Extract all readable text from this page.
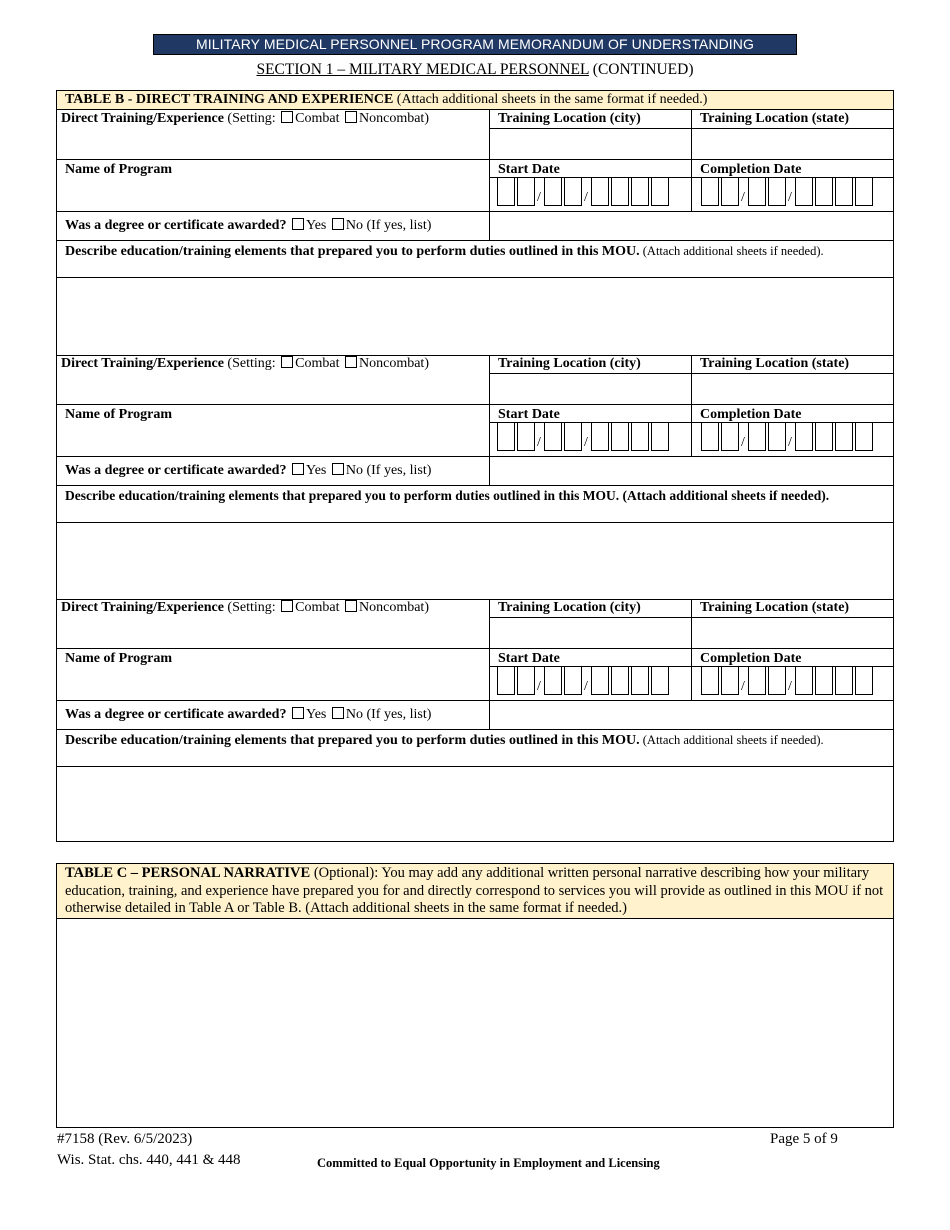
MILITARY MEDICAL PERSONNEL PROGRAM MEMORANDUM OF UNDERSTANDING
SECTION 1 – MILITARY MEDICAL PERSONNEL (CONTINUED)
TABLE B - DIRECT TRAINING AND EXPERIENCE (Attach additional sheets in the same format if needed.)
Direct Training/Experience (Setting: Combat Noncombat)	Training Location (city)	Training Location (state)
Name of Program	Start Date	Completion Date
/	/	/	/
Was a degree or certificate awarded? Yes No (If yes, list)
Describe education/training elements that prepared you to perform duties outlined in this MOU. (Attach additional sheets if needed).
Direct Training/Experience (Setting: Combat Noncombat)	Training Location (city)	Training Location (state)
Name of Program	Start Date	Completion Date
/	/	/	/
Was a degree or certificate awarded? Yes No (If yes, list)
Describe education/training elements that prepared you to perform duties outlined in this MOU. (Attach additional sheets if needed).
Direct Training/Experience (Setting: Combat Noncombat)	Training Location (city)	Training Location (state)
Name of Program	Start Date	Completion Date
/	/	/	/
Was a degree or certificate awarded? Yes No (If yes, list)
Describe education/training elements that prepared you to perform duties outlined in this MOU. (Attach additional sheets if needed).
TABLE C – PERSONAL NARRATIVE (Optional): You may add any additional written personal narrative describing how your military education, training, and experience have prepared you for and directly correspond to services you will provide as outlined in this MOU if not otherwise detailed in Table A or Table B. (Attach additional sheets in the same format if needed.)
#7158 (Rev. 6/5/2023)
Wis. Stat. chs. 440, 441 & 448	Committed to Equal Opportunity in Employment and Licensing
Page 5 of 9
